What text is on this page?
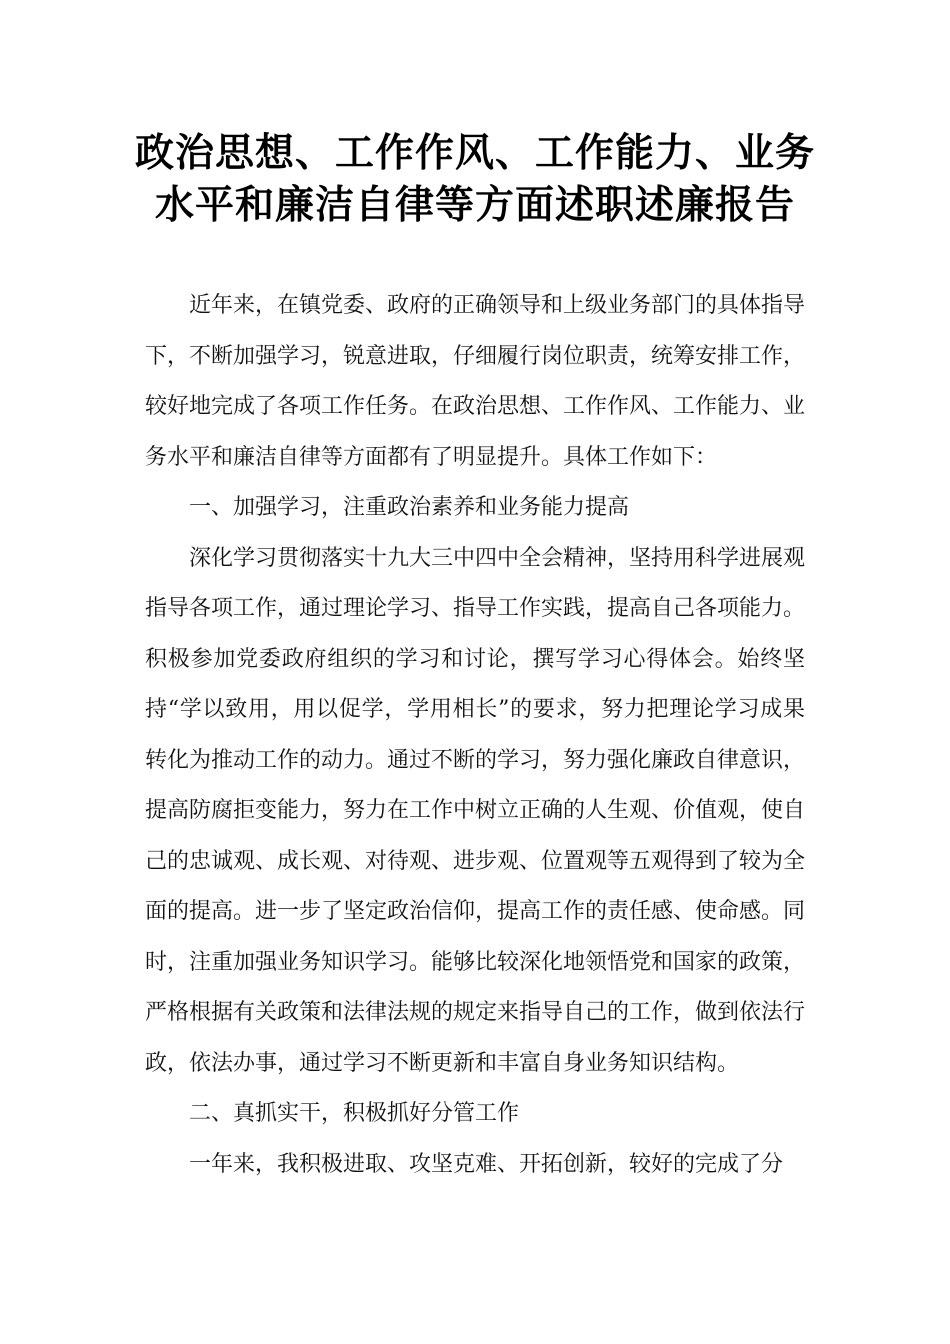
政治思想、工作作风、工作能力、业务
水平和廉洁自律等方面述职述廉报告

近年来，在镇党委、政府的正确领导和上级业务部门的具体指导下，不断加强学习，锐意进取，仔细履行岗位职责，统筹安排工作，较好地完成了各项工作任务。在政治思想、工作作风、工作能力、业务水平和廉洁自律等方面都有了明显提升。具体工作如下：

一、加强学习，注重政治素养和业务能力提高

深化学习贯彻落实十九大三中四中全会精神，坚持用科学进展观指导各项工作，通过理论学习、指导工作实践，提高自己各项能力。积极参加党委政府组织的学习和讨论，撰写学习心得体会。始终坚持“学以致用，用以促学，学用相长”的要求，努力把理论学习成果转化为推动工作的动力。通过不断的学习，努力强化廉政自律意识，提高防腐拒变能力，努力在工作中树立正确的人生观、价值观，使自己的忠诚观、成长观、对待观、进步观、位置观等五观得到了较为全面的提高。进一步了坚定政治信仰，提高工作的责任感、使命感。同时，注重加强业务知识学习。能够比较深化地领悟党和国家的政策，严格根据有关政策和法律法规的规定来指导自己的工作，做到依法行政，依法办事，通过学习不断更新和丰富自身业务知识结构。

二、真抓实干，积极抓好分管工作

一年来，我积极进取、攻坚克难、开拓创新，较好的完成了分
